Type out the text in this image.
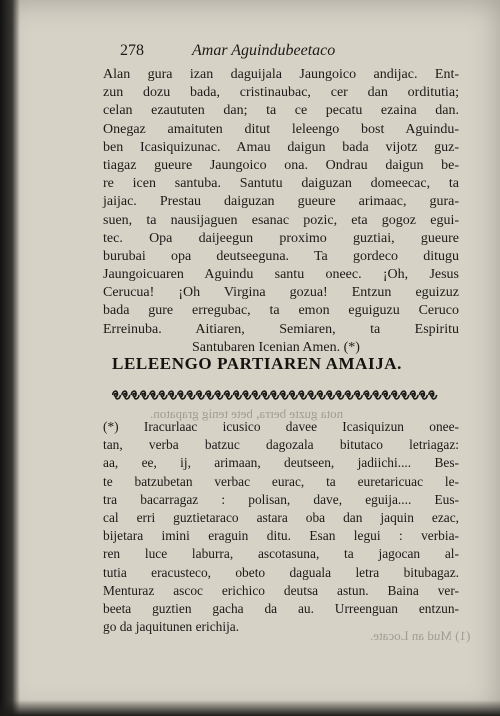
nota guzte berra, bete tenig grapaton.
(1) Mud an Locate.
278	Amar Aguindubeetaco
Alan gura izan daguijala Jaungoico andijac. Ent-
zun dozu bada, cristinaubac, cer dan orditutia;
celan ezaututen dan; ta ce pecatu ezaina dan.
Onegaz amaituten ditut leleengo bost Aguindu-
ben Icasiquizunac. Amau daigun bada vijotz guz-
tiagaz gueure Jaungoico ona. Ondrau daigun be-
re icen santuba. Santutu daiguzan domeecac, ta
jaijac. Prestau daiguzan gueure arimaac, gura-
suen, ta nausijaguen esanac pozic, eta gogoz egui-
tec. Opa daijeegun proximo guztiai, gueure
burubai opa deutseeguna. Ta gordeco ditugu
Jaungoicuaren Aguindu santu oneec. ¡Oh, Jesus
Cerucua! ¡Oh Virgina gozua! Entzun eguizuz
bada gure erregubac, ta emon eguiguzu Ceruco
Erreinuba. Aitiaren, Semiaren, ta Espiritu
Santubaren Icenian Amen. (*)
LELEENGO PARTIAREN AMAIJA.
(*) Iracurlaac icusico davee Icasiquizun onee-
tan, verba batzuc dagozala bitutaco letriagaz:
aa, ee, ij, arimaan, deutseen, jadiichi.... Bes-
te batzubetan verbac eurac, ta euretaricuac le-
tra bacarragaz : polisan, dave, eguija.... Eus-
cal erri guztietaraco astara oba dan jaquin ezac,
bijetara imini eraguin ditu. Esan legui : verbia-
ren luce laburra, ascotasuna, ta jagocan al-
tutia eracusteco, obeto daguala letra bitubagaz.
Menturaz ascoc erichico deutsa astun. Baina ver-
beeta guztien gacha da au. Urreenguan entzun-
go da jaquitunen erichija.
